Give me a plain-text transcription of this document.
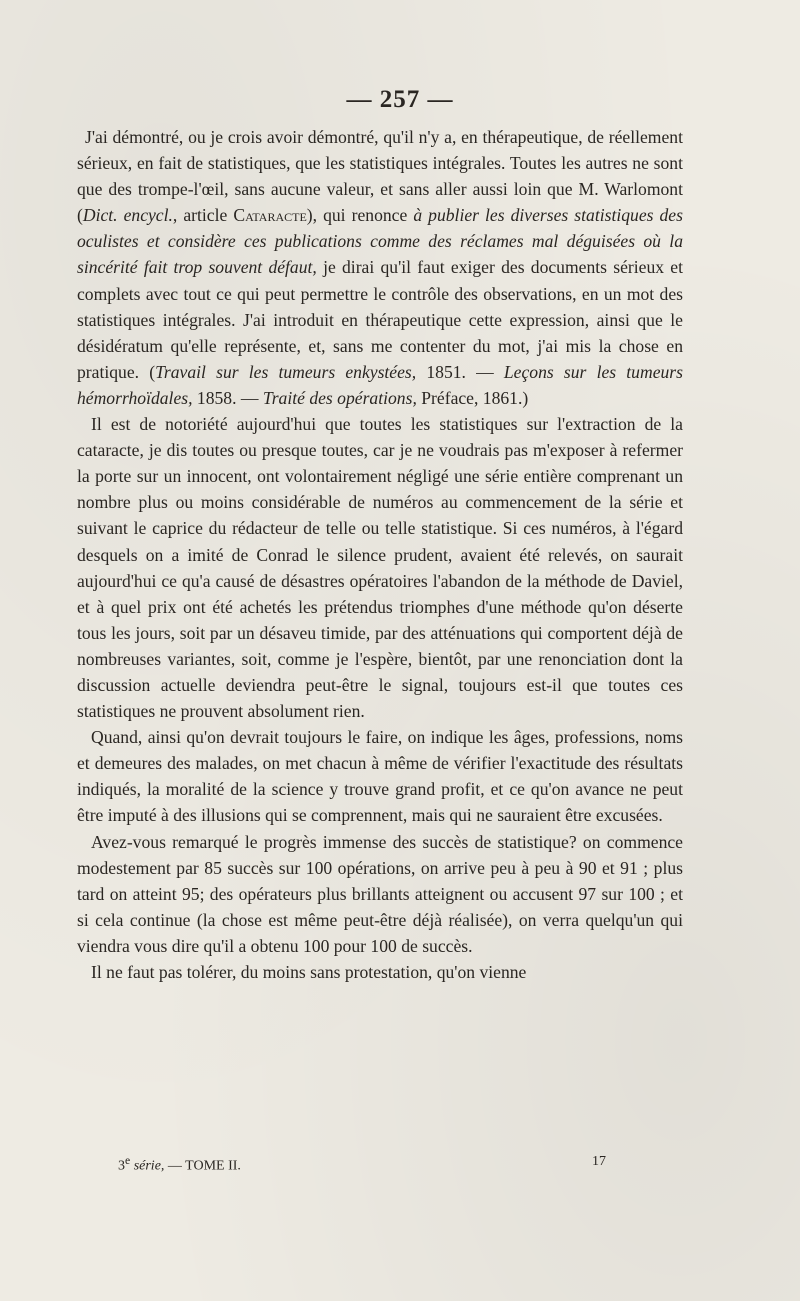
— 257 —

J'ai démontré, ou je crois avoir démontré, qu'il n'y a, en thérapeutique, de réellement sérieux, en fait de statistiques, que les statistiques intégrales. Toutes les autres ne sont que des trompe-l'œil, sans aucune valeur, et sans aller aussi loin que M. Warlomont (Dict. encycl., article Cataracte), qui renonce à publier les diverses statistiques des oculistes et considère ces publications comme des réclames mal déguisées où la sincérité fait trop souvent défaut, je dirai qu'il faut exiger des documents sérieux et complets avec tout ce qui peut permettre le contrôle des observations, en un mot des statistiques intégrales. J'ai introduit en thérapeutique cette expression, ainsi que le désidératum qu'elle représente, et, sans me contenter du mot, j'ai mis la chose en pratique. (Travail sur les tumeurs enkystées, 1851. — Leçons sur les tumeurs hémorrhoïdales, 1858. — Traité des opérations, Préface, 1861.)

Il est de notoriété aujourd'hui que toutes les statistiques sur l'extraction de la cataracte, je dis toutes ou presque toutes, car je ne voudrais pas m'exposer à refermer la porte sur un innocent, ont volontairement négligé une série entière comprenant un nombre plus ou moins considérable de numéros au commencement de la série et suivant le caprice du rédacteur de telle ou telle statistique. Si ces numéros, à l'égard desquels on a imité de Conrad le silence prudent, avaient été relevés, on saurait aujourd'hui ce qu'a causé de désastres opératoires l'abandon de la méthode de Daviel, et à quel prix ont été achetés les prétendus triomphes d'une méthode qu'on déserte tous les jours, soit par un désaveu timide, par des atténuations qui comportent déjà de nombreuses variantes, soit, comme je l'espère, bientôt, par une renonciation dont la discussion actuelle deviendra peut-être le signal, toujours est-il que toutes ces statistiques ne prouvent absolument rien.

Quand, ainsi qu'on devrait toujours le faire, on indique les âges, professions, noms et demeures des malades, on met chacun à même de vérifier l'exactitude des résultats indiqués, la moralité de la science y trouve grand profit, et ce qu'on avance ne peut être imputé à des illusions qui se comprennent, mais qui ne sauraient être excusées.

Avez-vous remarqué le progrès immense des succès de statistique? on commence modestement par 85 succès sur 100 opérations, on arrive peu à peu à 90 et 91 ; plus tard on atteint 95; des opérateurs plus brillants atteignent ou accusent 97 sur 100 ; et si cela continue (la chose est même peut-être déjà réalisée), on verra quelqu'un qui viendra vous dire qu'il a obtenu 100 pour 100 de succès.

Il ne faut pas tolérer, du moins sans protestation, qu'on vienne

3e série, — TOME II.	17
